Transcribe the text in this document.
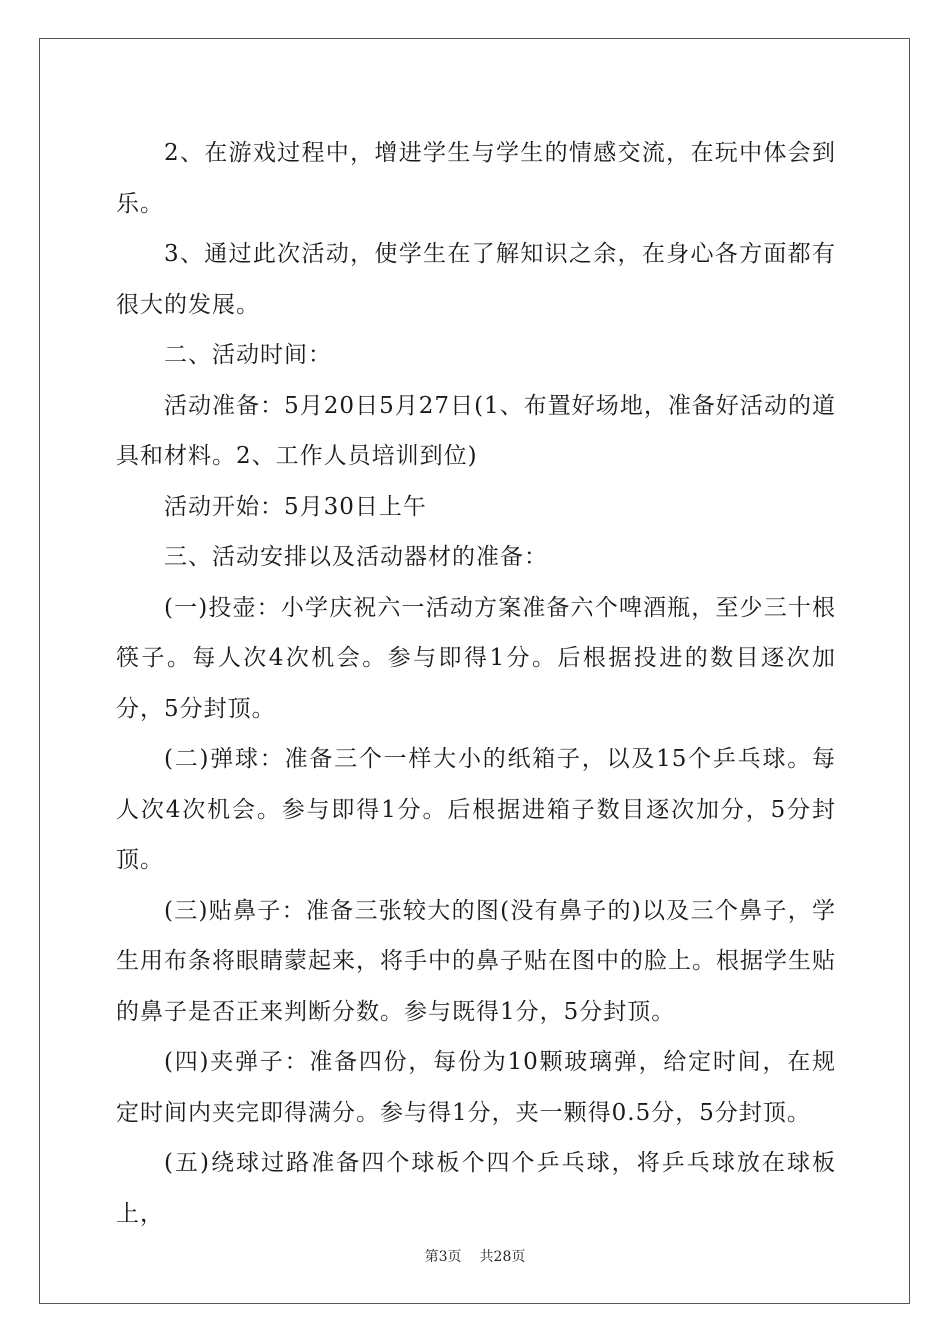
2、在游戏过程中，增进学生与学生的情感交流，在玩中体会到乐。

3、通过此次活动，使学生在了解知识之余，在身心各方面都有很大的发展。

二、活动时间：

活动准备：5月20日5月27日(1、布置好场地，准备好活动的道具和材料。2、工作人员培训到位)

活动开始：5月30日上午

三、活动安排以及活动器材的准备：

(一)投壶：小学庆祝六一活动方案准备六个啤酒瓶，至少三十根筷子。每人次4次机会。参与即得1分。后根据投进的数目逐次加分，5分封顶。

(二)弹球：准备三个一样大小的纸箱子，以及15个乒乓球。每人次4次机会。参与即得1分。后根据进箱子数目逐次加分，5分封顶。

(三)贴鼻子：准备三张较大的图(没有鼻子的)以及三个鼻子，学生用布条将眼睛蒙起来，将手中的鼻子贴在图中的脸上。根据学生贴的鼻子是否正来判断分数。参与既得1分，5分封顶。

(四)夹弹子：准备四份，每份为10颗玻璃弹，给定时间，在规定时间内夹完即得满分。参与得1分，夹一颗得0.5分，5分封顶。

(五)绕球过路准备四个球板个四个乒乓球，将乒乓球放在球板上，

第3页 共28页
